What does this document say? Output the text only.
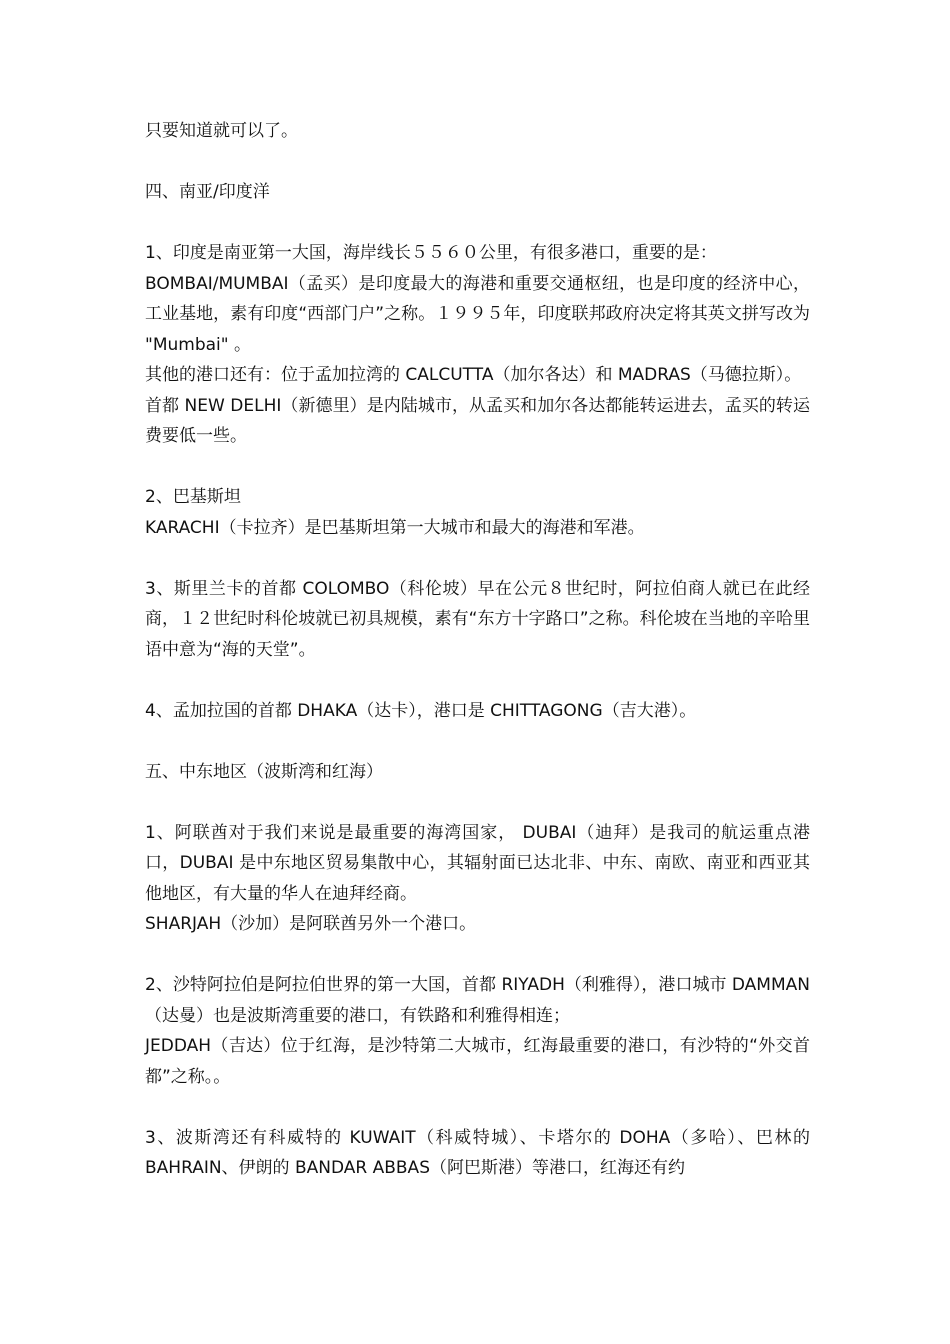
只要知道就可以了。

四、南亚/印度洋

1、印度是南亚第一大国，海岸线长５５６０公里，有很多港口，重要的是：

BOMBAI/MUMBAI（孟买）是印度最大的海港和重要交通枢纽，也是印度的经济中心，工业基地，素有印度“西部门户”之称。１９９５年，印度联邦政府决定将其英文拼写改为 "Mumbai" 。

其他的港口还有：位于孟加拉湾的 CALCUTTA（加尔各达）和 MADRAS（马德拉斯）。

首都 NEW DELHI（新德里）是内陆城市，从孟买和加尔各达都能转运进去，孟买的转运费要低一些。

2、巴基斯坦

KARACHI（卡拉齐）是巴基斯坦第一大城市和最大的海港和军港。

3、斯里兰卡的首都 COLOMBO（科伦坡）早在公元８世纪时，阿拉伯商人就已在此经商，１２世纪时科伦坡就已初具规模，素有“东方十字路口”之称。科伦坡在当地的辛哈里语中意为“海的天堂”。

4、孟加拉国的首都 DHAKA（达卡），港口是 CHITTAGONG（吉大港）。

五、中东地区（波斯湾和红海）

1、阿联酋对于我们来说是最重要的海湾国家， DUBAI（迪拜）是我司的航运重点港口，DUBAI 是中东地区贸易集散中心，其辐射面已达北非、中东、南欧、南亚和西亚其他地区，有大量的华人在迪拜经商。

SHARJAH（沙加）是阿联酋另外一个港口。

2、沙特阿拉伯是阿拉伯世界的第一大国，首都 RIYADH（利雅得），港口城市 DAMMAN（达曼）也是波斯湾重要的港口，有铁路和利雅得相连；

JEDDAH（吉达）位于红海，是沙特第二大城市，红海最重要的港口，有沙特的“外交首都”之称。。

3、波斯湾还有科威特的 KUWAIT（科威特城）、卡塔尔的 DOHA（多哈）、巴林的 BAHRAIN、伊朗的 BANDAR ABBAS（阿巴斯港）等港口，红海还有约
